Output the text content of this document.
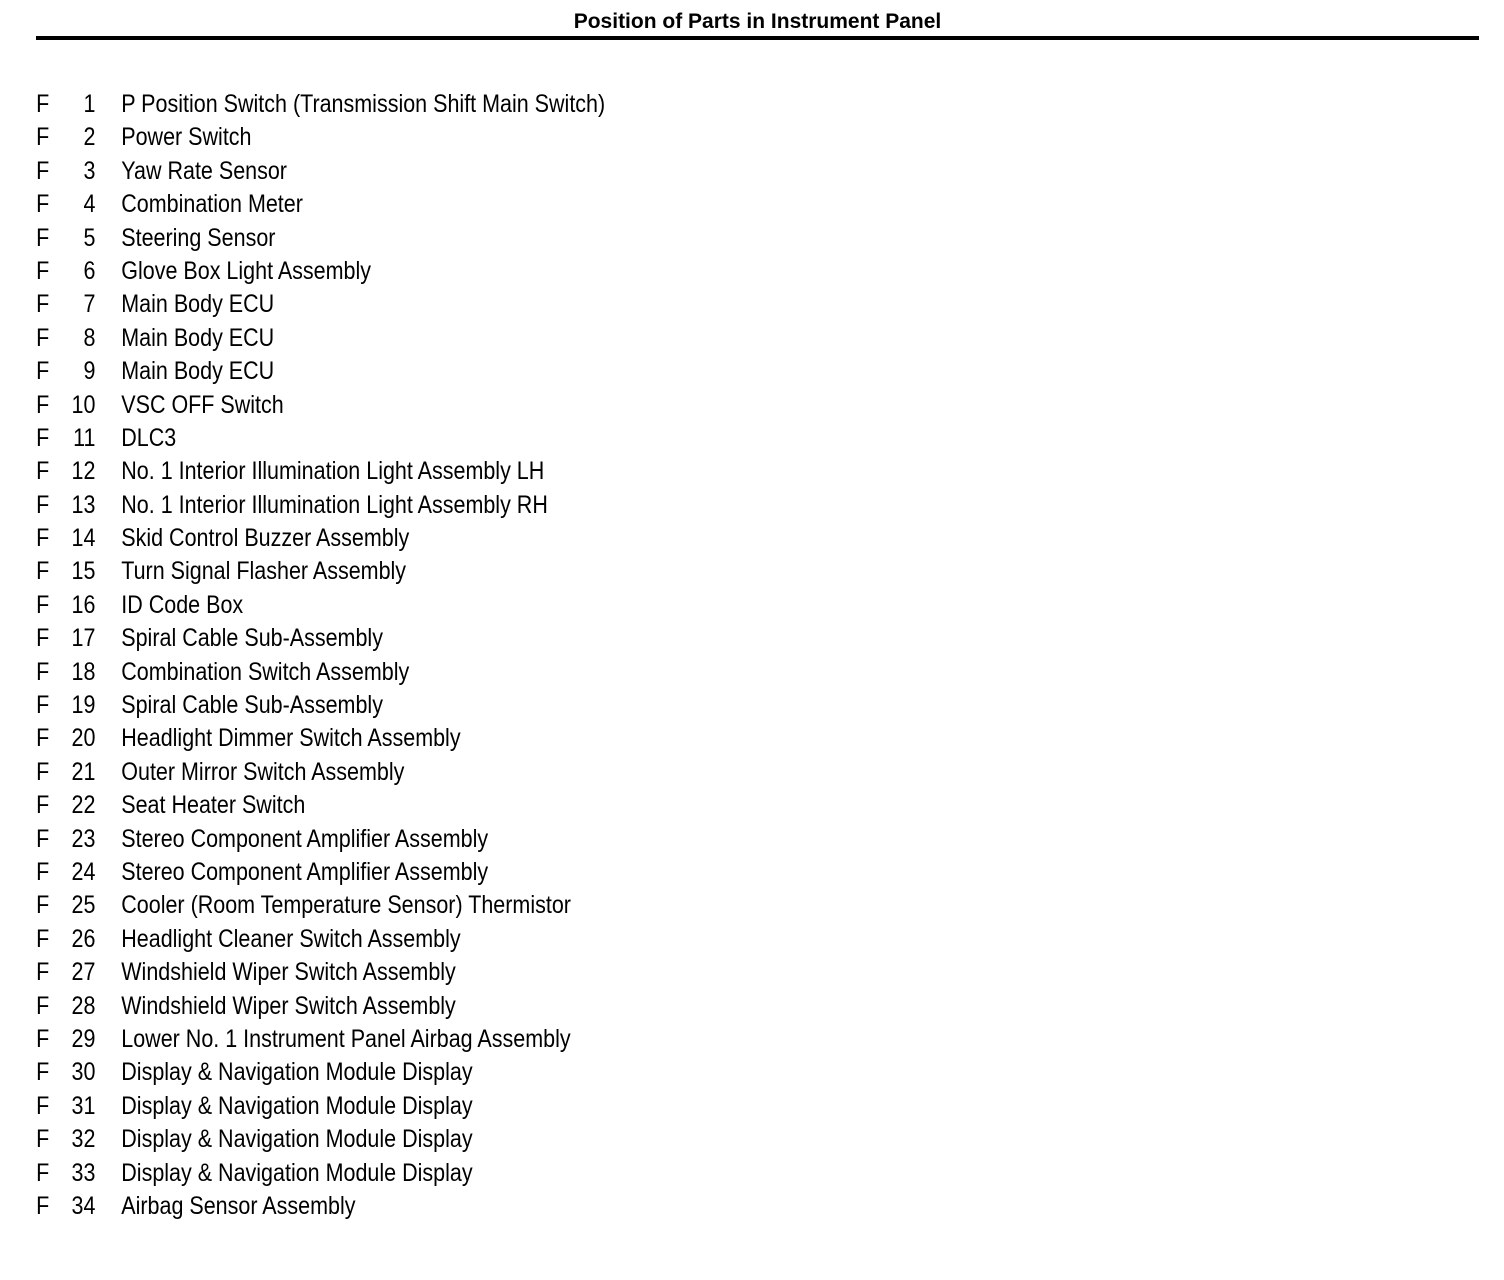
Position of Parts in Instrument Panel
F	1 P Position Switch (Transmission Shift Main Switch)
F	2 Power Switch
F	3 Yaw Rate Sensor
F	4 Combination Meter
F	5 Steering Sensor
F	6 Glove Box Light Assembly
F	7 Main Body ECU
F	8 Main Body ECU
F	9 Main Body ECU
F 10 VSC OFF Switch
F 11 DLC3
F 12 No. 1 Interior Illumination Light Assembly LH
F 13 No. 1 Interior Illumination Light Assembly RH
F 14 Skid Control Buzzer Assembly
F 15 Turn Signal Flasher Assembly
F 16 ID Code Box
F 17 Spiral Cable Sub-Assembly
F 18 Combination Switch Assembly
F 19 Spiral Cable Sub-Assembly
F 20 Headlight Dimmer Switch Assembly
F 21 Outer Mirror Switch Assembly
F 22 Seat Heater Switch
F 23 Stereo Component Amplifier Assembly
F 24 Stereo Component Amplifier Assembly
F 25 Cooler (Room Temperature Sensor) Thermistor
F 26 Headlight Cleaner Switch Assembly
F 27 Windshield Wiper Switch Assembly
F 28 Windshield Wiper Switch Assembly
F 29 Lower No. 1 Instrument Panel Airbag Assembly
F 30 Display & Navigation Module Display
F 31 Display & Navigation Module Display
F 32 Display & Navigation Module Display
F 33 Display & Navigation Module Display
F 34 Airbag Sensor Assembly
